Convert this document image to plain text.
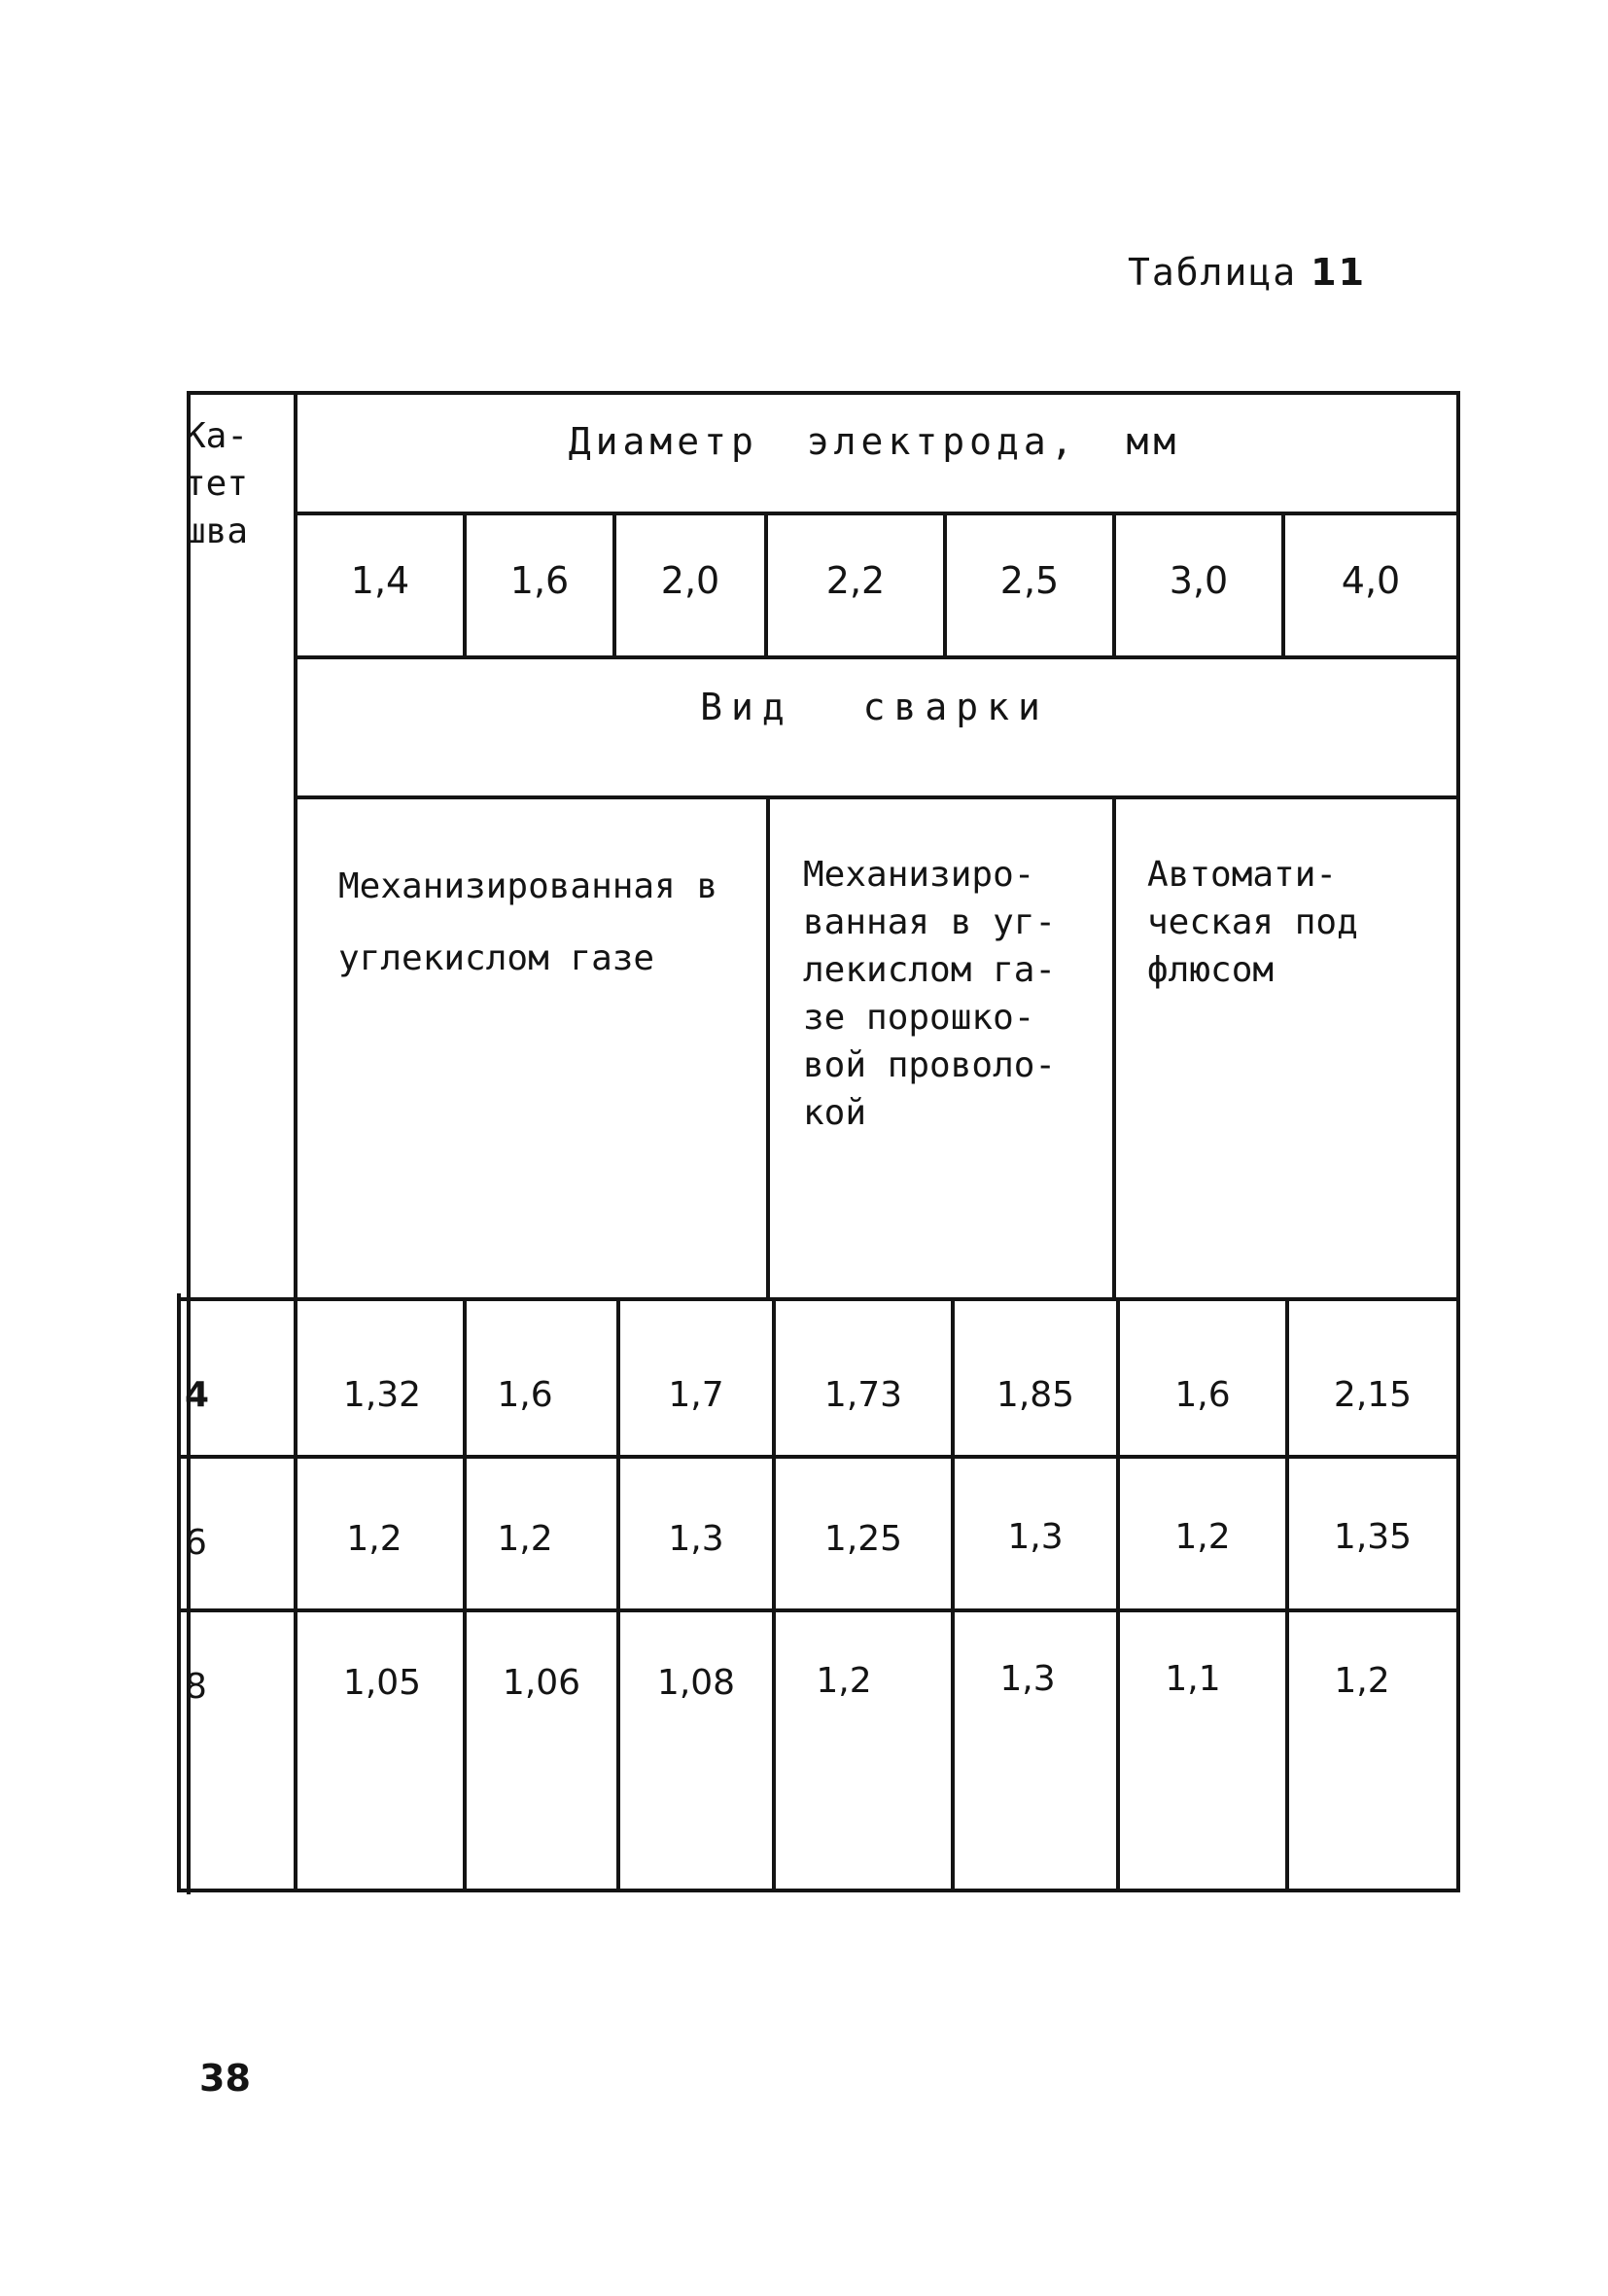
Таблица 11
Ка-тет шва
Диаметр электрода, мм
1,4	1,6	2,0	2,2	2,5	3,0	4,0
Вид сварки
Механизированная в углекислом газе
Механизиро-ванная в уг-лекислом га-зе порошко-вой проволо-кой
Автомати-ческая под флюсом
4	1,32	1,6	1,7	1,73	1,85	1,6	2,15
6	1,2	1,2	1,3	1,25	1,3	1,2	1,35
8	1,05	1,06	1,08	1,2	1,3	1,1	1,2
38
